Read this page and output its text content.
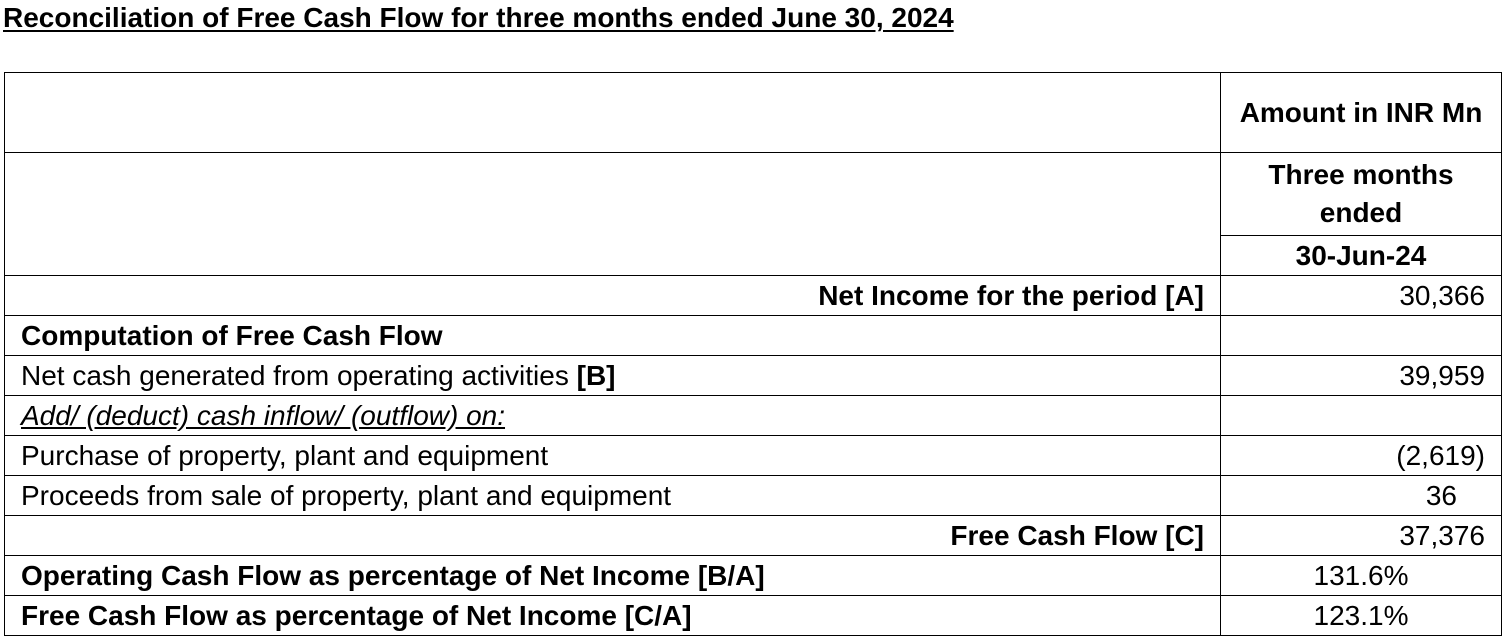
Reconciliation of Free Cash Flow for three months ended June 30, 2024
	Amount in INR Mn
	Three months ended
	30-Jun-24
Net Income for the period [A]	30,366
Computation of Free Cash Flow	
Net cash generated from operating activities [B]	39,959
Add/ (deduct) cash inflow/ (outflow) on:	
Purchase of property, plant and equipment	(2,619)
Proceeds from sale of property, plant and equipment	36
Free Cash Flow [C]	37,376
Operating Cash Flow as percentage of Net Income [B/A]	131.6%
Free Cash Flow as percentage of Net Income [C/A]	123.1%
